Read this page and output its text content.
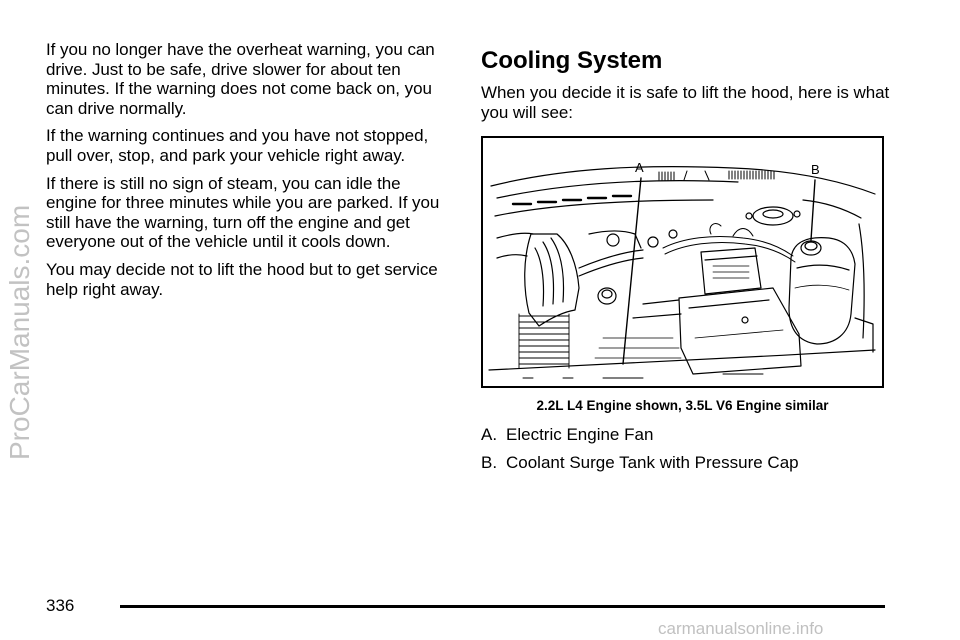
If you no longer have the overheat warning, you can drive. Just to be safe, drive slower for about ten minutes. If the warning does not come back on, you can drive normally.

If the warning continues and you have not stopped, pull over, stop, and park your vehicle right away.

If there is still no sign of steam, you can idle the engine for three minutes while you are parked. If you still have the warning, turn off the engine and get everyone out of the vehicle until it cools down.

You may decide not to lift the hood but to get service help right away.

Cooling System

When you decide it is safe to lift the hood, here is what you will see:

A	B
2.2L L4 Engine shown, 3.5L V6 Engine similar
A. Electric Engine Fan
B. Coolant Surge Tank with Pressure Cap
336
ProCarManuals.com
carmanualsonline.info
